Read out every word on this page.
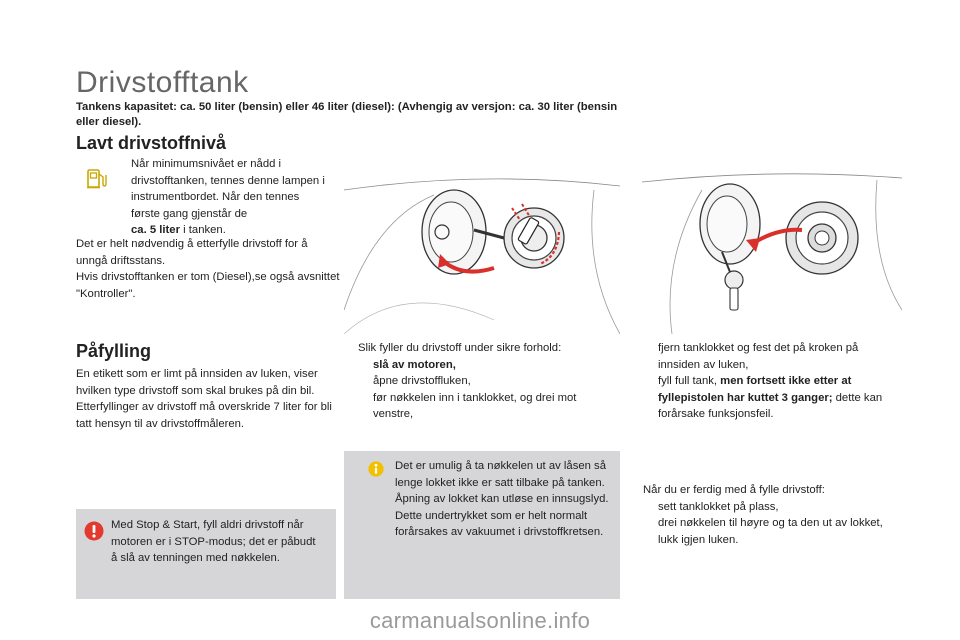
Drivstofftank
Tankens kapasitet: ca. 50 liter (bensin) eller 46 liter (diesel): (Avhengig av versjon: ca. 30 liter (bensin eller diesel).
Lavt drivstoffnivå
Når minimumsnivået er nådd i drivstofftanken, tennes denne lampen i instrumentbordet. Når den tennes første gang gjenstår de
ca. 5 liter i tanken.
Det er helt nødvendig å etterfylle drivstoff for å unngå driftsstans.
Hvis drivstofftanken er tom (Diesel),se også avsnittet "Kontroller".
Påfylling
En etikett som er limt på innsiden av luken, viser hvilken type drivstoff som skal brukes på din bil.
Etterfyllinger av drivstoff må overskride 7 liter for bli tatt hensyn til av drivstoffmåleren.
Med Stop & Start, fyll aldri drivstoff når motoren er i STOP-modus; det er påbudt å slå av tenningen med nøkkelen.
Slik fyller du drivstoff under sikre forhold:
slå av motoren,
åpne drivstoffluken,
før nøkkelen inn i tanklokket, og drei mot venstre,
Det er umulig å ta nøkkelen ut av låsen så lenge lokket ikke er satt tilbake på tanken.
Åpning av lokket kan utløse en innsugslyd. Dette undertrykket som er helt normalt forårsakes av vakuumet i drivstoffkretsen.
fjern tanklokket og fest det på kroken på innsiden av luken,
fyll full tank, men fortsett ikke etter at fyllepistolen har kuttet 3 ganger; dette kan forårsake funksjonsfeil.
Når du er ferdig med å fylle drivstoff:
sett tanklokket på plass,
drei nøkkelen til høyre og ta den ut av lokket,
lukk igjen luken.
carmanualsonline.info
